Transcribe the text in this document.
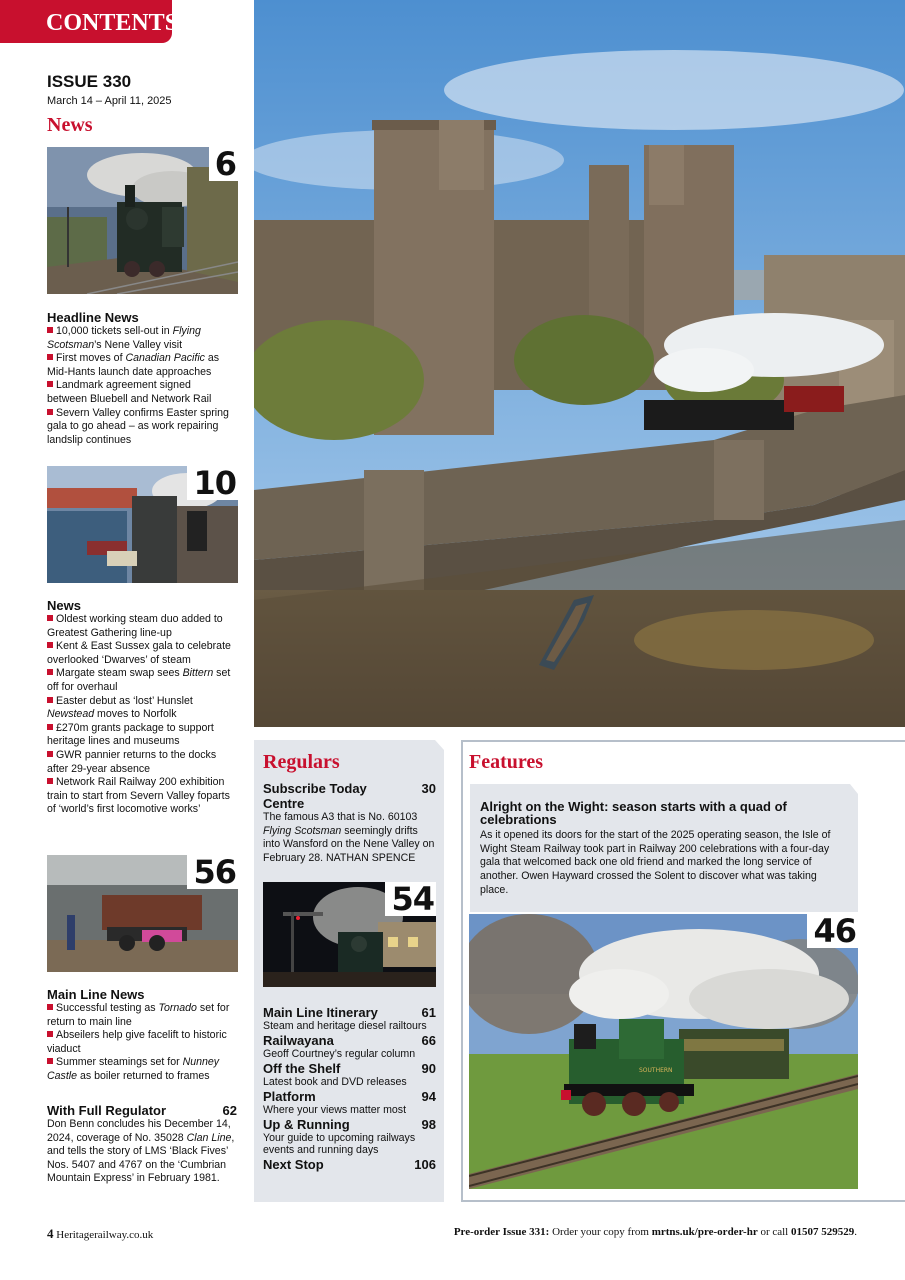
CONTENTS
ISSUE 330
March 14 – April 11, 2025
News
6
Headline News

10,000 tickets sell-out in Flying Scotsman’s Nene Valley visit

First moves of Canadian Pacific as Mid-Hants launch date approaches

Landmark agreement signed between Bluebell and Network Rail

Severn Valley confirms Easter spring gala to go ahead – as work repairing landslip continues

10
News

Oldest working steam duo added to Greatest Gathering line-up

Kent & East Sussex gala to celebrate overlooked ‘Dwarves’ of steam

Margate steam swap sees Bittern set off for overhaul

Easter debut as ‘lost’ Hunslet Newstead moves to Norfolk

£270m grants package to support heritage lines and museums

GWR pannier returns to the docks after 29-year absence

Network Rail Railway 200 exhibition train to start from Severn Valley foparts of ‘world’s first locomotive works’

56
Main Line News

Successful testing as Tornado set for return to main line

Abseilers help give facelift to historic viaduct

Summer steamings set for Nunney Castle as boiler returned to frames

With Full Regulator	62
Don Benn concludes his December 14, 2024, coverage of No. 35028 Clan Line, and tells the story of LMS ‘Black Fives’ Nos. 5407 and 4767 on the ‘Cumbrian Mountain Express’ in February 1981.
Regulars
Subscribe Today	30
Centre
The famous A3 that is No. 60103 Flying Scotsman seemingly drifts into Wansford on the Nene Valley on February 28. NATHAN SPENCE
54
Main Line Itinerary	61
Steam and heritage diesel railtours
Railwayana	66
Geoff Courtney’s regular column
Off the Shelf	90
Latest book and DVD releases
Platform	94
Where your views matter most
Up & Running	98
Your guide to upcoming railways events and running days
Next Stop	106
Features
Alright on the Wight: season starts with a quad of celebrations
As it opened its doors for the start of the 2025 operating season, the Isle of Wight Steam Railway took part in Railway 200 celebrations with a four-day gala that welcomed back one old friend and marked the long service of another. Owen Hayward crossed the Solent to discover what was taking place.
SOUTHERN
46
4 Heritagerailway.co.uk	Pre-order Issue 331: Order your copy from mrtns.uk/pre-order-hr or call 01507 529529.
